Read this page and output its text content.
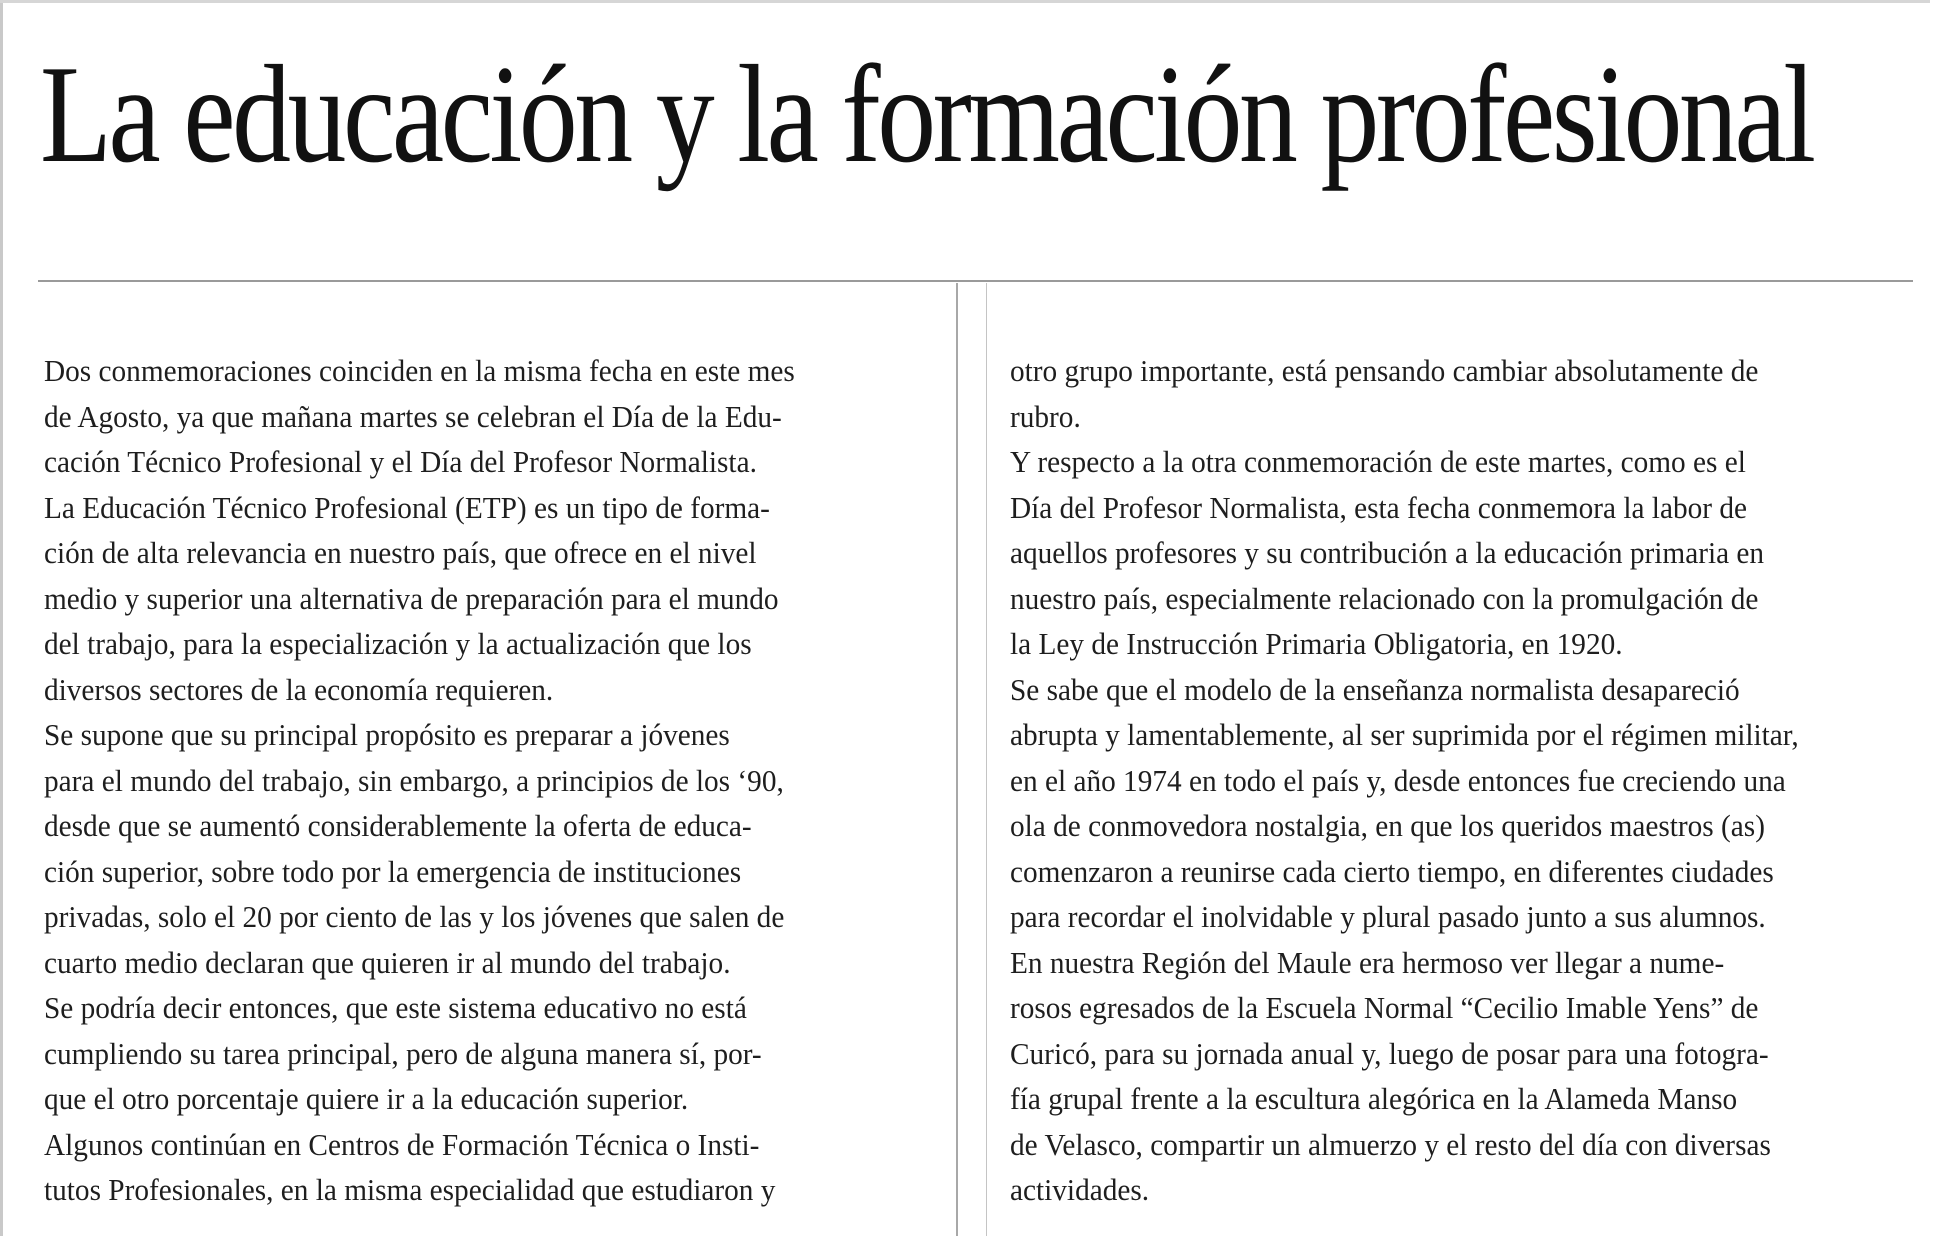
La educación y la formación profesional
Dos conmemoraciones coinciden en la misma fecha en este mes
de Agosto, ya que mañana martes se celebran el Día de la Edu-
cación Técnico Profesional y el Día del Profesor Normalista.
La Educación Técnico Profesional (ETP) es un tipo de forma-
ción de alta relevancia en nuestro país, que ofrece en el nivel
medio y superior una alternativa de preparación para el mundo
del trabajo, para la especialización y la actualización que los
diversos sectores de la economía requieren.
Se supone que su principal propósito es preparar a jóvenes
para el mundo del trabajo, sin embargo, a principios de los ‘90,
desde que se aumentó considerablemente la oferta de educa-
ción superior, sobre todo por la emergencia de instituciones
privadas, solo el 20 por ciento de las y los jóvenes que salen de
cuarto medio declaran que quieren ir al mundo del trabajo.
Se podría decir entonces, que este sistema educativo no está
cumpliendo su tarea principal, pero de alguna manera sí, por-
que el otro porcentaje quiere ir a la educación superior.
Algunos continúan en Centros de Formación Técnica o Insti-
tutos Profesionales, en la misma especialidad que estudiaron y
otro grupo importante, está pensando cambiar absolutamente de
rubro.
Y respecto a la otra conmemoración de este martes, como es el
Día del Profesor Normalista, esta fecha conmemora la labor de
aquellos profesores y su contribución a la educación primaria en
nuestro país, especialmente relacionado con la promulgación de
la Ley de Instrucción Primaria Obligatoria, en 1920.
Se sabe que el modelo de la enseñanza normalista desapareció
abrupta y lamentablemente, al ser suprimida por el régimen militar,
en el año 1974 en todo el país y, desde entonces fue creciendo una
ola de conmovedora nostalgia, en que los queridos maestros (as)
comenzaron a reunirse cada cierto tiempo, en diferentes ciudades
para recordar el inolvidable y plural pasado junto a sus alumnos.
En nuestra Región del Maule era hermoso ver llegar a nume-
rosos egresados de la Escuela Normal “Cecilio Imable Yens” de
Curicó, para su jornada anual y, luego de posar para una fotogra-
fía grupal frente a la escultura alegórica en la Alameda Manso
de Velasco, compartir un almuerzo y el resto del día con diversas
actividades.
